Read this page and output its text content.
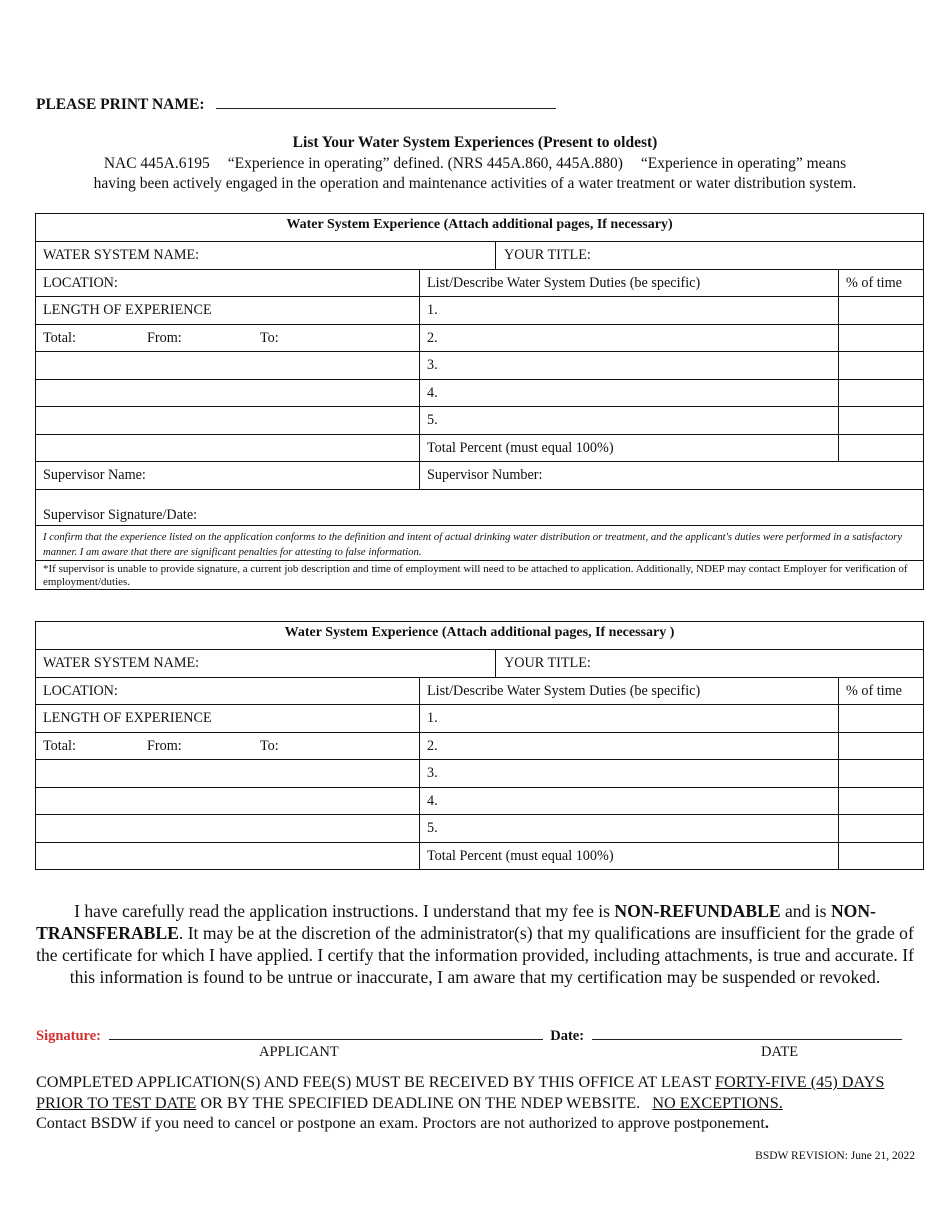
PLEASE PRINT NAME:
List Your Water System Experiences (Present to oldest)
NAC 445A.6195 “Experience in operating” defined. (NRS 445A.860, 445A.880) “Experience in operating” means having been actively engaged in the operation and maintenance activities of a water treatment or water distribution system.
Water System Experience (Attach additional pages, If necessary)			
WATER SYSTEM NAME:		YOUR TITLE:	
LOCATION:	List/Describe Water System Duties (be specific)		% of time
LENGTH OF EXPERIENCE	1.		
Total: From: To:	2.		
	3.		
	4.		
	5.		
	Total Percent (must equal 100%)		
Supervisor Name:	Supervisor Number:		
Supervisor Signature/Date:			
I confirm that the experience listed on the application conforms to the definition and intent of actual drinking water distribution or treatment, and the applicant's duties were performed in a satisfactory manner. I am aware that there are significant penalties for attesting to false information.			
*If supervisor is unable to provide signature, a current job description and time of employment will need to be attached to application. Additionally, NDEP may contact Employer for verification of employment/duties.			
Water System Experience (Attach additional pages, If necessary )			
WATER SYSTEM NAME:		YOUR TITLE:	
LOCATION:	List/Describe Water System Duties (be specific)		% of time
LENGTH OF EXPERIENCE	1.		
Total: From: To:	2.		
	3.		
	4.		
	5.		
	Total Percent (must equal 100%)		
I have carefully read the application instructions. I understand that my fee is NON-REFUNDABLE and is NON-TRANSFERABLE. It may be at the discretion of the administrator(s) that my qualifications are insufficient for the grade of the certificate for which I have applied. I certify that the information provided, including attachments, is true and accurate. If this information is found to be untrue or inaccurate, I am aware that my certification may be suspended or revoked.
Signature:	Date:
APPLICANT	DATE
COMPLETED APPLICATION(S) AND FEE(S) MUST BE RECEIVED BY THIS OFFICE AT LEAST FORTY-FIVE (45) DAYS PRIOR TO TEST DATE OR BY THE SPECIFIED DEADLINE ON THE NDEP WEBSITE.   NO EXCEPTIONS.
Contact BSDW if you need to cancel or postpone an exam. Proctors are not authorized to approve postponement.
BSDW REVISION: June 21, 2022
